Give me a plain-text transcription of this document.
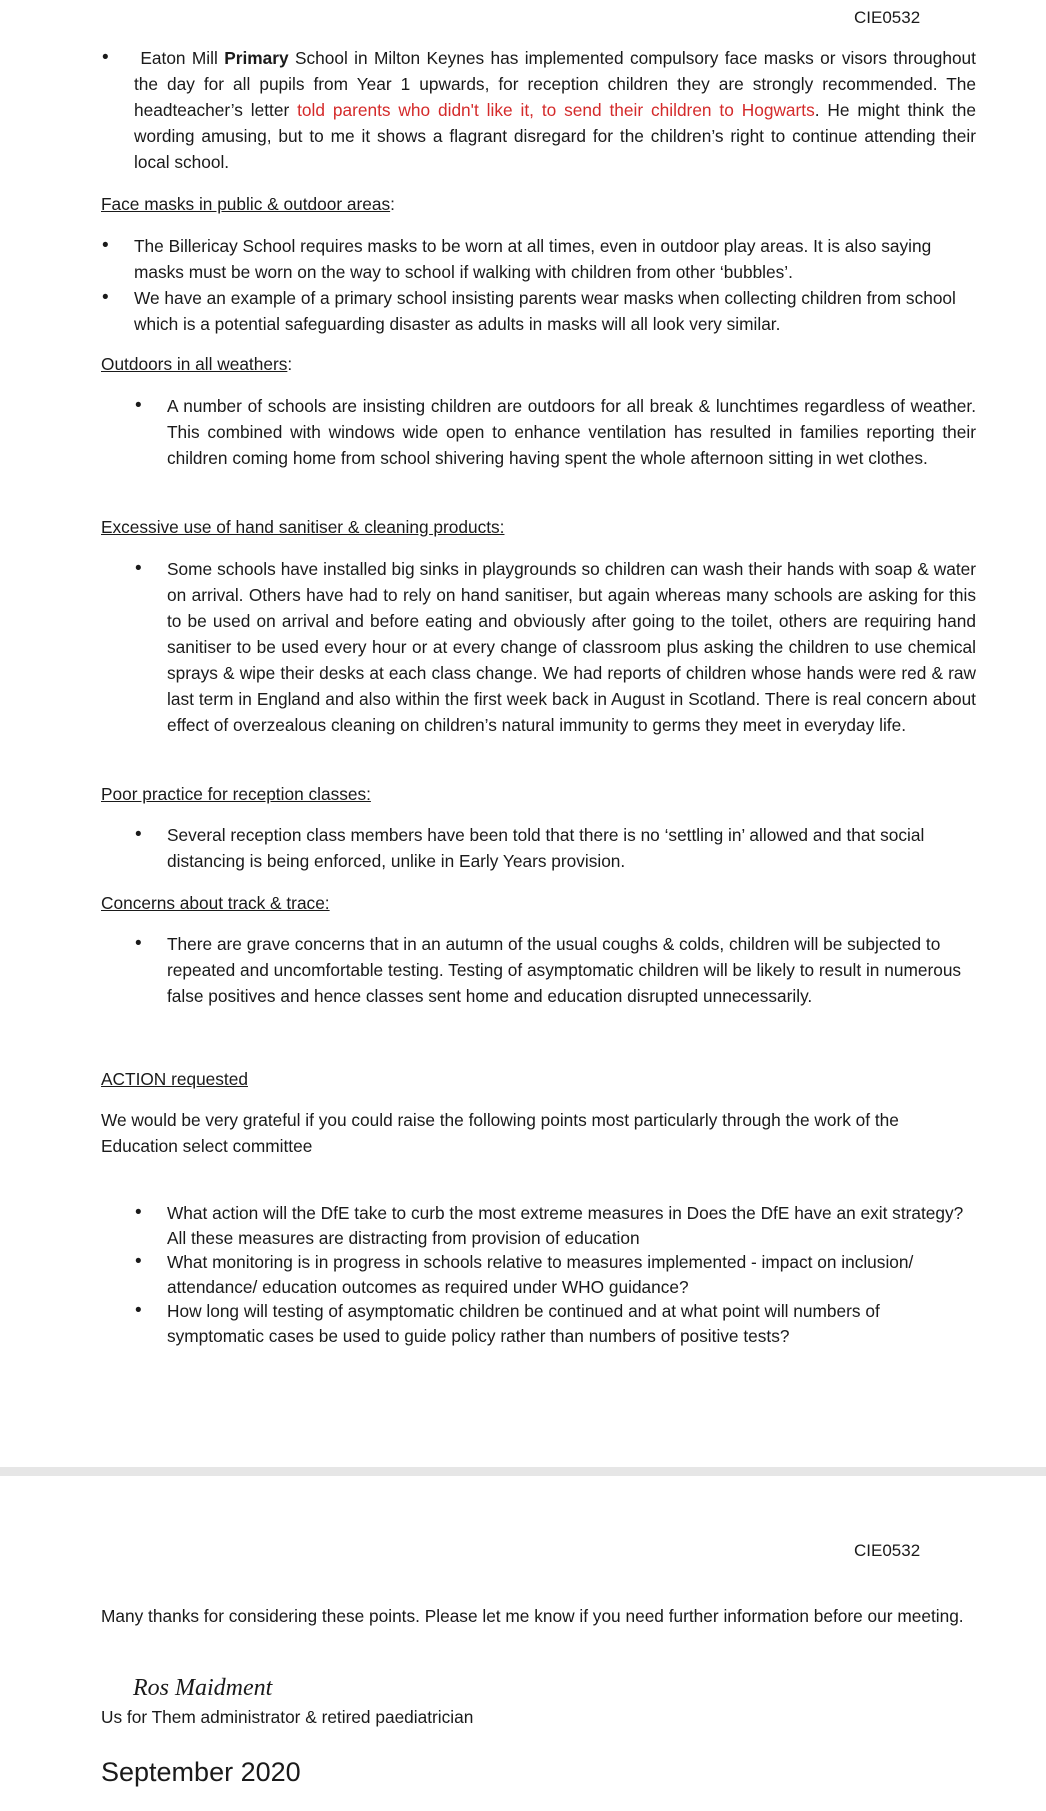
CIE0532
• Eaton Mill Primary School in Milton Keynes has implemented compulsory face masks or visors throughout the day for all pupils from Year 1 upwards, for reception children they are strongly recommended. The headteacher’s letter told parents who didn't like it, to send their children to Hogwarts. He might think the wording amusing, but to me it shows a flagrant disregard for the children’s right to continue attending their local school.
Face masks in public & outdoor areas:
• The Billericay School requires masks to be worn at all times, even in outdoor play areas. It is also saying masks must be worn on the way to school if walking with children from other ‘bubbles’.
• We have an example of a primary school insisting parents wear masks when collecting children from school which is a potential safeguarding disaster as adults in masks will all look very similar.
Outdoors in all weathers:
• A number of schools are insisting children are outdoors for all break & lunchtimes regardless of weather. This combined with windows wide open to enhance ventilation has resulted in families reporting their children coming home from school shivering having spent the whole afternoon sitting in wet clothes.
Excessive use of hand sanitiser & cleaning products:
• Some schools have installed big sinks in playgrounds so children can wash their hands with soap & water on arrival. Others have had to rely on hand sanitiser, but again whereas many schools are asking for this to be used on arrival and before eating and obviously after going to the toilet, others are requiring hand sanitiser to be used every hour or at every change of classroom plus asking the children to use chemical sprays & wipe their desks at each class change. We had reports of children whose hands were red & raw last term in England and also within the first week back in August in Scotland. There is real concern about effect of overzealous cleaning on children’s natural immunity to germs they meet in everyday life.
Poor practice for reception classes:
• Several reception class members have been told that there is no ‘settling in’ allowed and that social distancing is being enforced, unlike in Early Years provision.
Concerns about track & trace:
• There are grave concerns that in an autumn of the usual coughs & colds, children will be subjected to repeated and uncomfortable testing. Testing of asymptomatic children will be likely to result in numerous false positives and hence classes sent home and education disrupted unnecessarily.
ACTION requested
We would be very grateful if you could raise the following points most particularly through the work of the Education select committee
• What action will the DfE take to curb the most extreme measures in Does the DfE have an exit strategy? All these measures are distracting from provision of education
• What monitoring is in progress in schools relative to measures implemented - impact on inclusion/ attendance/ education outcomes as required under WHO guidance?
• How long will testing of asymptomatic children be continued and at what point will numbers of symptomatic cases be used to guide policy rather than numbers of positive tests?
CIE0532
Many thanks for considering these points. Please let me know if you need further information before our meeting.
Ros Maidment
Us for Them administrator & retired paediatrician
September 2020
